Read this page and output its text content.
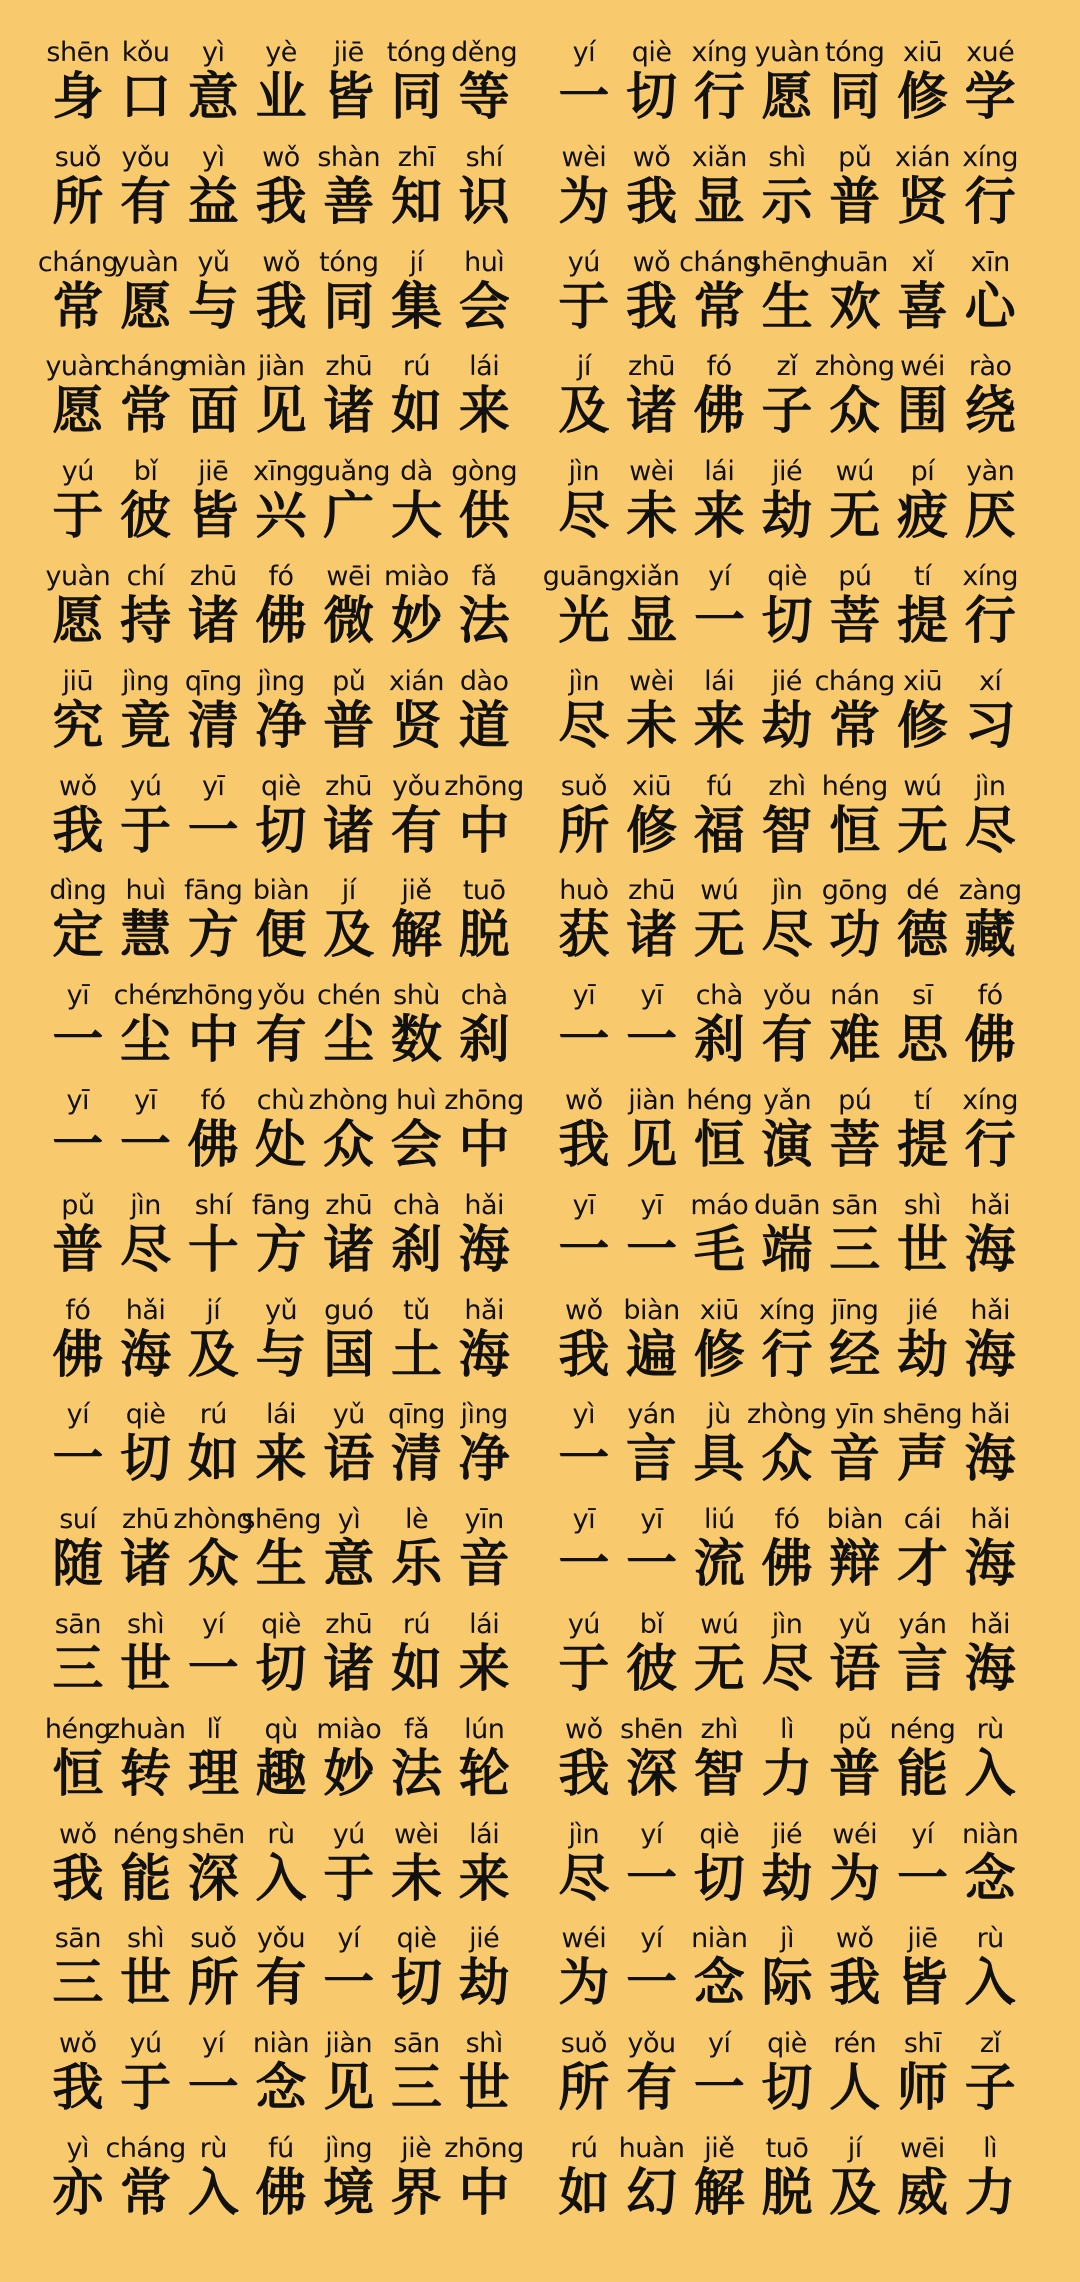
shēn
身
kǒu
口
yì
意
yè
业
jiē
皆
tóng
同
děng
等
yí
一
qiè
切
xíng
行
yuàn
愿
tóng
同
xiū
修
xué
学
suǒ
所
yǒu
有
yì
益
wǒ
我
shàn
善
zhī
知
shí
识
wèi
为
wǒ
我
xiǎn
显
shì
示
pǔ
普
xián
贤
xíng
行
cháng
常
yuàn
愿
yǔ
与
wǒ
我
tóng
同
jí
集
huì
会
yú
于
wǒ
我
cháng
常
shēng
生
huān
欢
xǐ
喜
xīn
心
yuàn
愿
cháng
常
miàn
面
jiàn
见
zhū
诸
rú
如
lái
来
jí
及
zhū
诸
fó
佛
zǐ
子
zhòng
众
wéi
围
rào
绕
yú
于
bǐ
彼
jiē
皆
xīng
兴
guǎng
广
dà
大
gòng
供
jìn
尽
wèi
未
lái
来
jié
劫
wú
无
pí
疲
yàn
厌
yuàn
愿
chí
持
zhū
诸
fó
佛
wēi
微
miào
妙
fǎ
法
guāng
光
xiǎn
显
yí
一
qiè
切
pú
菩
tí
提
xíng
行
jiū
究
jìng
竟
qīng
清
jìng
净
pǔ
普
xián
贤
dào
道
jìn
尽
wèi
未
lái
来
jié
劫
cháng
常
xiū
修
xí
习
wǒ
我
yú
于
yī
一
qiè
切
zhū
诸
yǒu
有
zhōng
中
suǒ
所
xiū
修
fú
福
zhì
智
héng
恒
wú
无
jìn
尽
dìng
定
huì
慧
fāng
方
biàn
便
jí
及
jiě
解
tuō
脱
huò
获
zhū
诸
wú
无
jìn
尽
gōng
功
dé
德
zàng
藏
yī
一
chén
尘
zhōng
中
yǒu
有
chén
尘
shù
数
chà
刹
yī
一
yī
一
chà
刹
yǒu
有
nán
难
sī
思
fó
佛
yī
一
yī
一
fó
佛
chù
处
zhòng
众
huì
会
zhōng
中
wǒ
我
jiàn
见
héng
恒
yǎn
演
pú
菩
tí
提
xíng
行
pǔ
普
jìn
尽
shí
十
fāng
方
zhū
诸
chà
刹
hǎi
海
yī
一
yī
一
máo
毛
duān
端
sān
三
shì
世
hǎi
海
fó
佛
hǎi
海
jí
及
yǔ
与
guó
国
tǔ
土
hǎi
海
wǒ
我
biàn
遍
xiū
修
xíng
行
jīng
经
jié
劫
hǎi
海
yí
一
qiè
切
rú
如
lái
来
yǔ
语
qīng
清
jìng
净
yì
一
yán
言
jù
具
zhòng
众
yīn
音
shēng
声
hǎi
海
suí
随
zhū
诸
zhòng
众
shēng
生
yì
意
lè
乐
yīn
音
yī
一
yī
一
liú
流
fó
佛
biàn
辩
cái
才
hǎi
海
sān
三
shì
世
yí
一
qiè
切
zhū
诸
rú
如
lái
来
yú
于
bǐ
彼
wú
无
jìn
尽
yǔ
语
yán
言
hǎi
海
héng
恒
zhuàn
转
lǐ
理
qù
趣
miào
妙
fǎ
法
lún
轮
wǒ
我
shēn
深
zhì
智
lì
力
pǔ
普
néng
能
rù
入
wǒ
我
néng
能
shēn
深
rù
入
yú
于
wèi
未
lái
来
jìn
尽
yí
一
qiè
切
jié
劫
wéi
为
yí
一
niàn
念
sān
三
shì
世
suǒ
所
yǒu
有
yí
一
qiè
切
jié
劫
wéi
为
yí
一
niàn
念
jì
际
wǒ
我
jiē
皆
rù
入
wǒ
我
yú
于
yí
一
niàn
念
jiàn
见
sān
三
shì
世
suǒ
所
yǒu
有
yí
一
qiè
切
rén
人
shī
师
zǐ
子
yì
亦
cháng
常
rù
入
fú
佛
jìng
境
jiè
界
zhōng
中
rú
如
huàn
幻
jiě
解
tuō
脱
jí
及
wēi
威
lì
力
